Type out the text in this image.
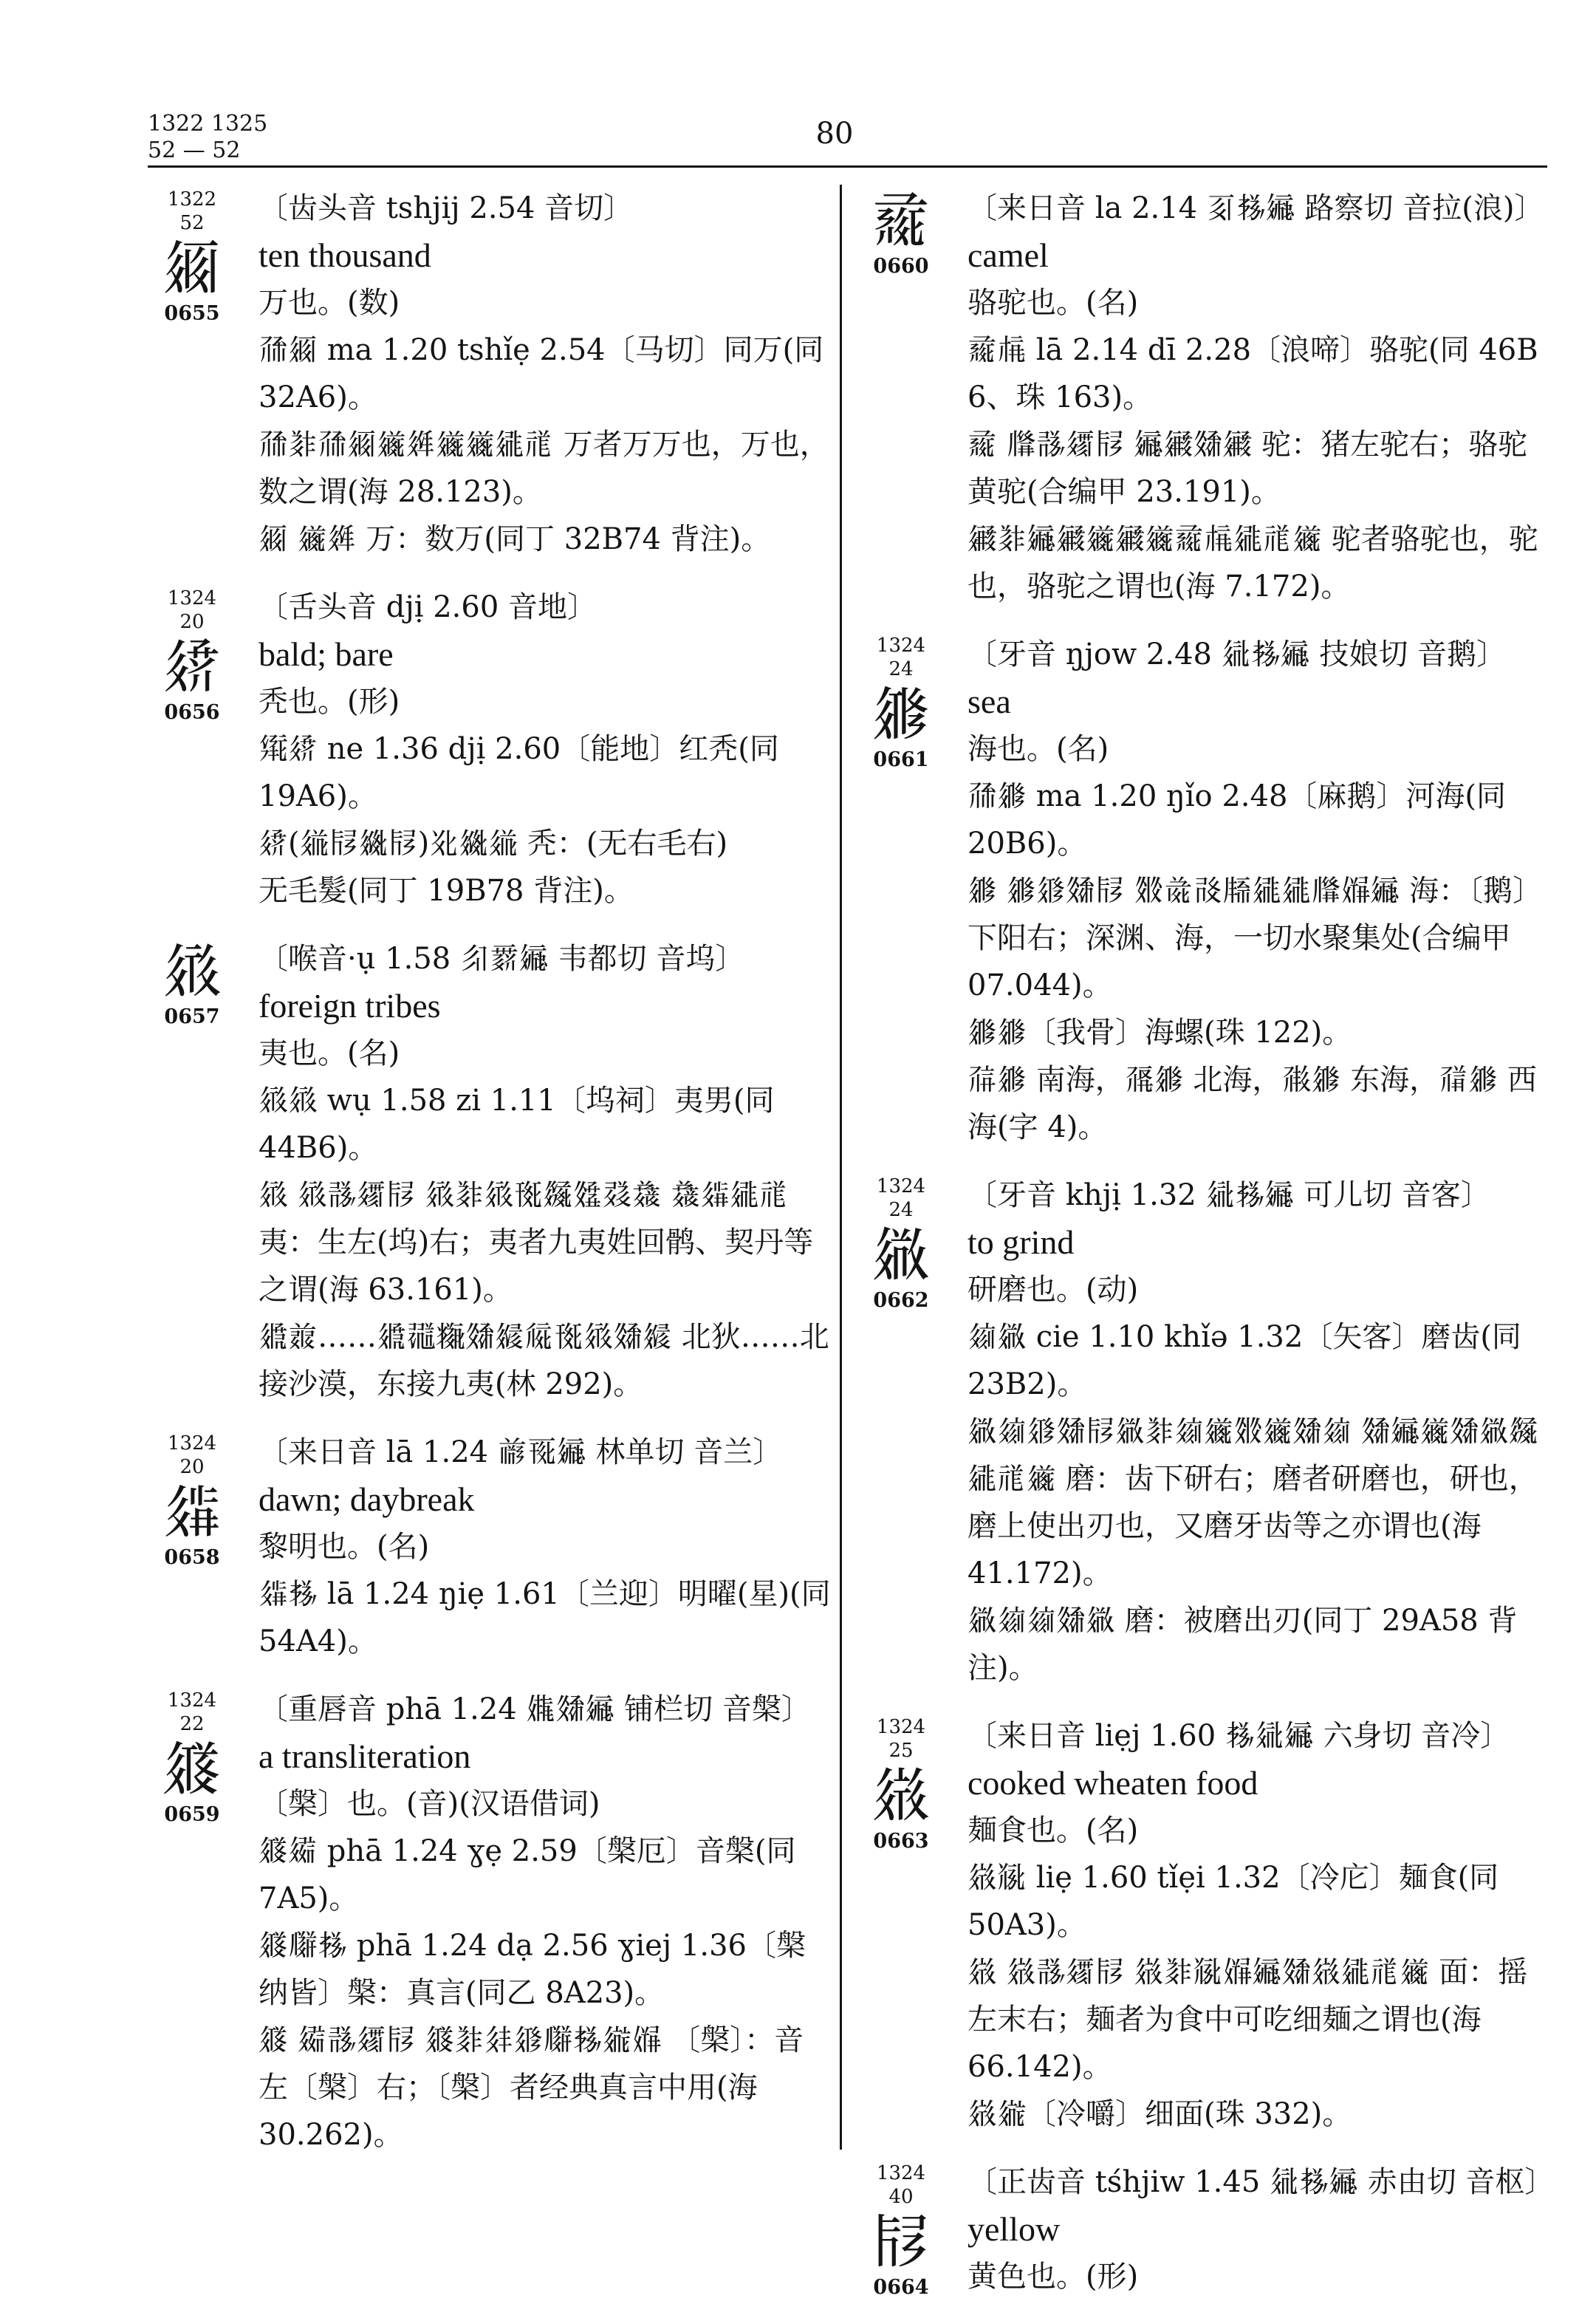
1322 1325
52 — 52	80
1322
52
𗥃
0655

〔齿头音 tshjij 2.54 音切〕

ten thousand

万也。(数)

𗗙𗥃 ma 1.20 tshǐẹ 2.54〔马切〕同万(同 32A6)。

𗗙𘎳𗗙𗥃𗫂𗤶𗫂𗫂𗧓𗙏 万者万万也，万也，数之谓(海 28.123)。

𗥃 𗫂𗤶 万：数万(同丁 32B74 背注)。

1324
20
𗧙
0656

〔舌头音 djị 2.60 音地〕

bald; bare

秃也。(形)

𗋕𗧙 ne 1.36 djị 2.60〔能地〕红秃(同 19A6)。

𗧙(𗥤𗡺𗧜𗡺)𗯞𗧜𗥤 秃：(无右毛右)

无毛髮(同丁 19B78 背注)。

𗤻
0657

〔喉音·ụ 1.58 𗼃𗴿𗩾 韦都切 音坞〕

foreign tribes

夷也。(名)

𗤻𗤻 wụ 1.58 zi 1.11〔坞祠〕夷男(同 44B6)。

𗤻 𗤻𘃽𗨻𗡺 𗤻𘎳𗤻𗍊𗪴𗽩𘅇𘎑 𘎑𗦧𗧓𗙏 夷：生左(坞)右；夷者九夷姓回鹘、契丹等之谓(海 63.161)。

𗧸𗓱……𗧸𗖺𗯝𗽀𗧠𗏁𗍊𗤻𗽀𗧠 北狄……北接沙漠，东接九夷(林 292)。

1324
20
𗦧
0658

〔来日音 lā 1.24 𗑗𗀔𗩾 林单切 音兰〕

dawn; daybreak

黎明也。(名)

𗦧𗈪 lā 1.24 ŋiẹ 1.61〔兰迎〕明曜(星)(同 54A4)。

1324
22
𗩊
0659

〔重唇音 phā 1.24 𗏴𗽀𗩾 铺栏切 音槃〕

a transliteration

〔槃〕也。(音)(汉语借词)

𗩊𗩴 phā 1.24 ɣẹ 2.59〔槃厄〕音槃(同 7A5)。

𗩊𗆹𗈪 phā 1.24 dạ 2.56 ɣiej 1.36〔槃纳皆〕槃：真言(同乙 8A23)。

𗩊 𗩴𘃽𗨻𗡺 𗩊𘎳𗢳𗤁𗆹𗈪𗨁𗏵 〔槃〕：音左〔槃〕右；〔槃〕者经典真言中用(海 30.262)。

𗈇
0660

〔来日音 la 2.14 𘈩𗈪𗩾 路察切 音拉(浪)〕

camel

骆驼也。(名)

𗈇𗍫 lā 2.14 dī 2.28〔浪啼〕骆驼(同 46B 6、珠 163)。

𗈇 𗆄𘃽𗨻𗡺 𗩾𗪺𗽀𗪺 驼：猪左驼右；骆驼黄驼(合编甲 23.191)。

𗪺𘎳𗩾𗪺𗫂𗪺𗫂𗈇𗍫𗧓𗙏𗫂 驼者骆驼也，驼也，骆驼之谓也(海 7.172)。

1324
24
𗥂
0661

〔牙音 ŋjow 2.48 𗣼𗈪𗩾 技娘切 音鹅〕

sea

海也。(名)

𗗙𗥂 ma 1.20 ŋǐo 2.48〔麻鹅〕河海(同 20B6)。

𗥂 𗥂𗤁𗽀𗡺 𗽃𗯨𗰗𗹢𗧓𗧓𗆄𗏵𗩾 海：〔鹅〕下阳右；深渊、海，一切水聚集处(合编甲 07.044)。

𗥂𗥂〔我骨〕海螺(珠 122)。

𗗚𗥂 南海，𗗛𗥂 北海，𗗜𗥂 东海，𗗝𗥂 西海(字 4)。

1324
24
𗧂
0662

〔牙音 khjị 1.32 𗣼𗈪𗩾 可儿切 音客〕

to grind

研磨也。(动)

𗦻𗧂 cie 1.10 khǐə 1.32〔矢客〕磨齿(同 23B2)。

𗧂𗦻𗤁𗽀𗡺𗧂𘎳𗦻𗫂𗽃𗫂𗽀𗦻 𗽀𗩾𗫂𗽀𗧂𗪴𗧓𗙏𗫂 磨：齿下研右；磨者研磨也，研也，磨上使出刃也，又磨牙齿等之亦谓也(海 41.172)。

𗧂𗦻𗦻𗽀𗧂 磨：被磨出刃(同丁 29A58 背注)。

1324
25
𗦶
0663

〔来日音 liẹj 1.60 𗈪𗣼𗩾 六身切 音冷〕

cooked wheaten food

麺食也。(名)

𗦶𗮀 liẹ 1.60 tǐẹi 1.32〔冷庀〕麺食(同 50A3)。

𗦶 𗦶𘃽𗨻𗡺 𗦶𘎳𗮀𗏵𗩾𗽀𗦶𗧓𗙏𗫂 面：摇左末右；麺者为食中可吃细麺之谓也(海 66.142)。

𗦶𗨁〔冷嚼〕细面(珠 332)。

1324
40
𗡺
0664

〔正齿音 tśhjiw 1.45 𗣼𗈪𗩾 赤由切 音枢〕

yellow

黄色也。(形)
